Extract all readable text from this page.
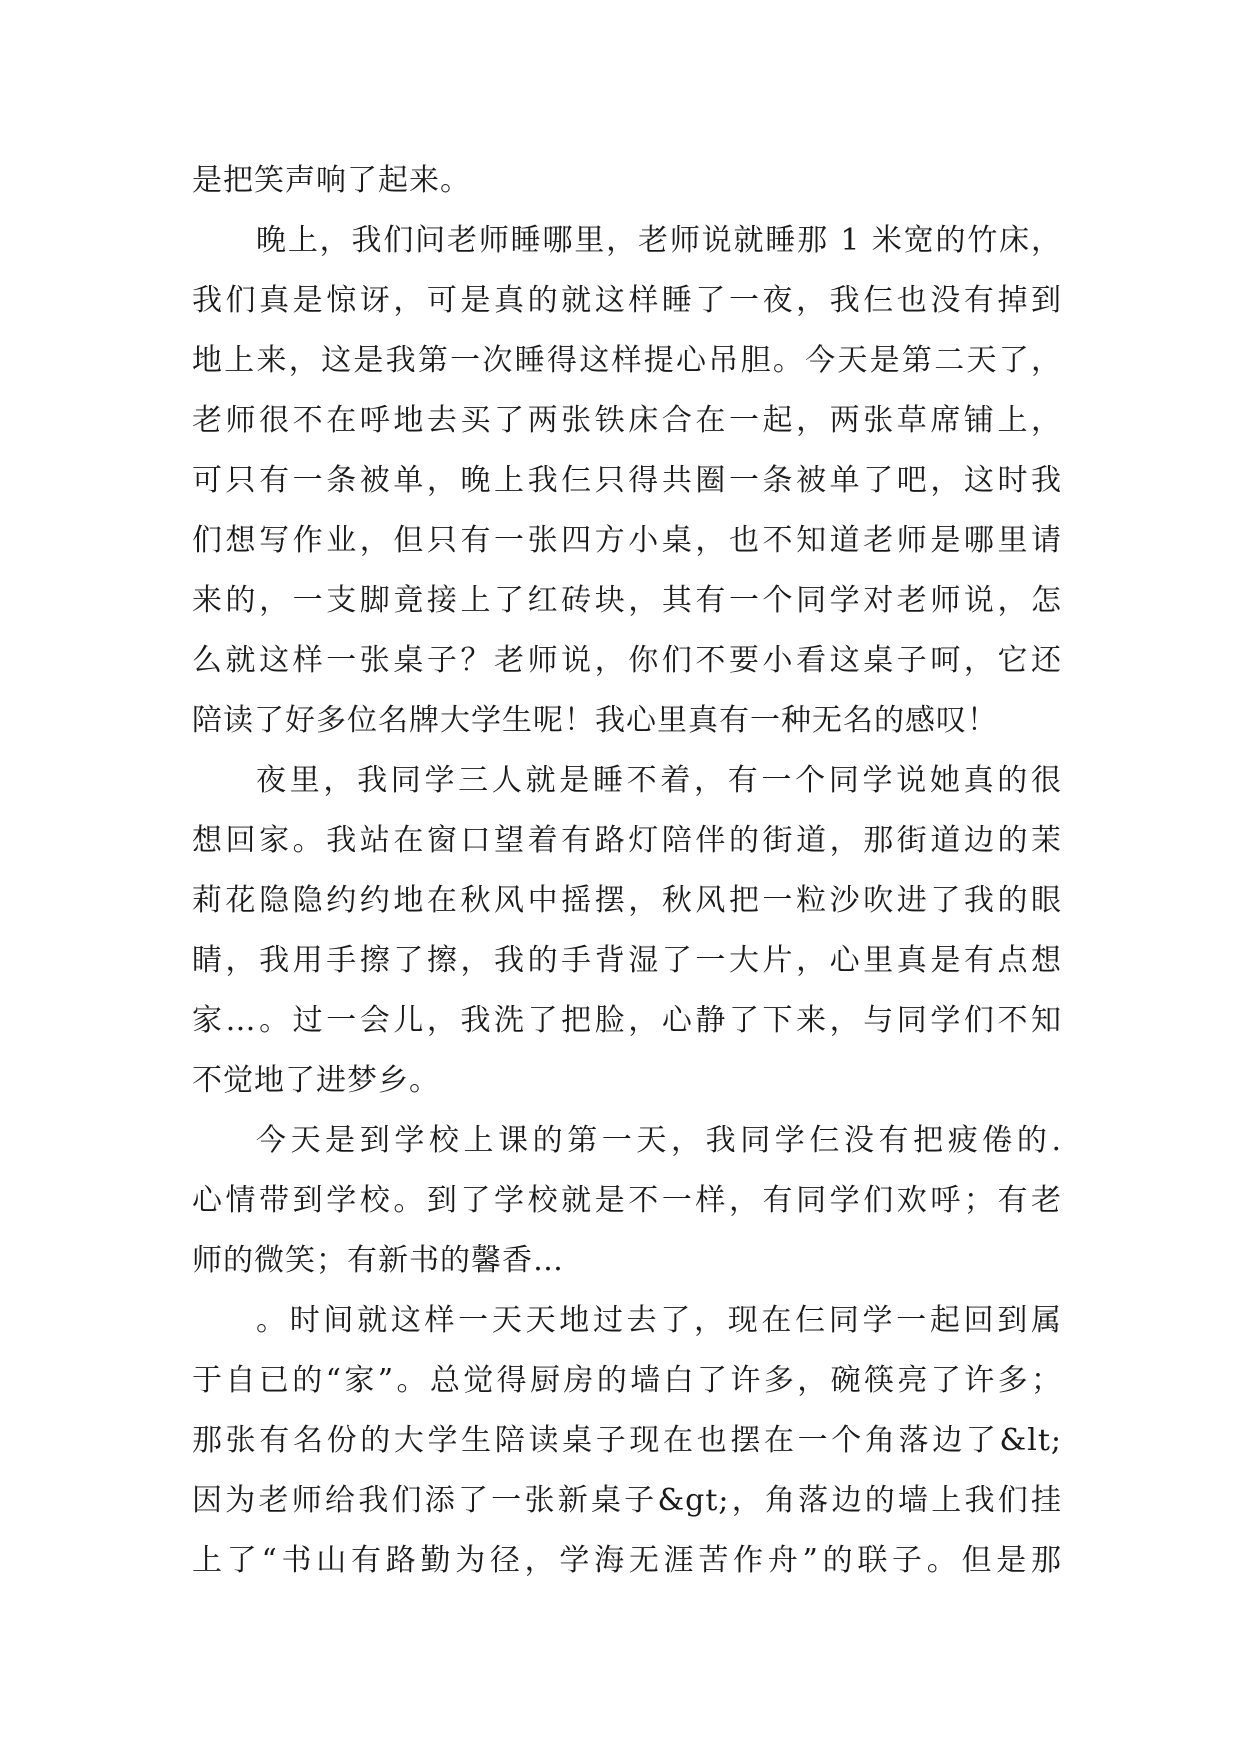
是把笑声响了起来。
晚上，我们问老师睡哪里，老师说就睡那 1 米宽的竹床，
我们真是惊讶，可是真的就这样睡了一夜，我仨也没有掉到
地上来，这是我第一次睡得这样提心吊胆。今天是第二天了，
老师很不在呼地去买了两张铁床合在一起，两张草席铺上，
可只有一条被单，晚上我仨只得共圈一条被单了吧，这时我
们想写作业，但只有一张四方小桌，也不知道老师是哪里请
来的，一支脚竟接上了红砖块，其有一个同学对老师说，怎
么就这样一张桌子？老师说，你们不要小看这桌子呵，它还
陪读了好多位名牌大学生呢！我心里真有一种无名的感叹！
夜里，我同学三人就是睡不着，有一个同学说她真的很
想回家。我站在窗口望着有路灯陪伴的街道，那街道边的茉
莉花隐隐约约地在秋风中摇摆，秋风把一粒沙吹进了我的眼
睛，我用手擦了擦，我的手背湿了一大片，心里真是有点想
家…。过一会儿，我洗了把脸，心静了下来，与同学们不知
不觉地了进梦乡。
今天是到学校上课的第一天，我同学仨没有把疲倦的.
心情带到学校。到了学校就是不一样，有同学们欢呼；有老
师的微笑；有新书的馨香…
。时间就这样一天天地过去了，现在仨同学一起回到属
于自已的“家”。总觉得厨房的墙白了许多，碗筷亮了许多；
那张有名份的大学生陪读桌子现在也摆在一个角落边了&lt;
因为老师给我们添了一张新桌子&gt;，角落边的墙上我们挂
上了“书山有路勤为径，学海无涯苦作舟”的联子。但是那
